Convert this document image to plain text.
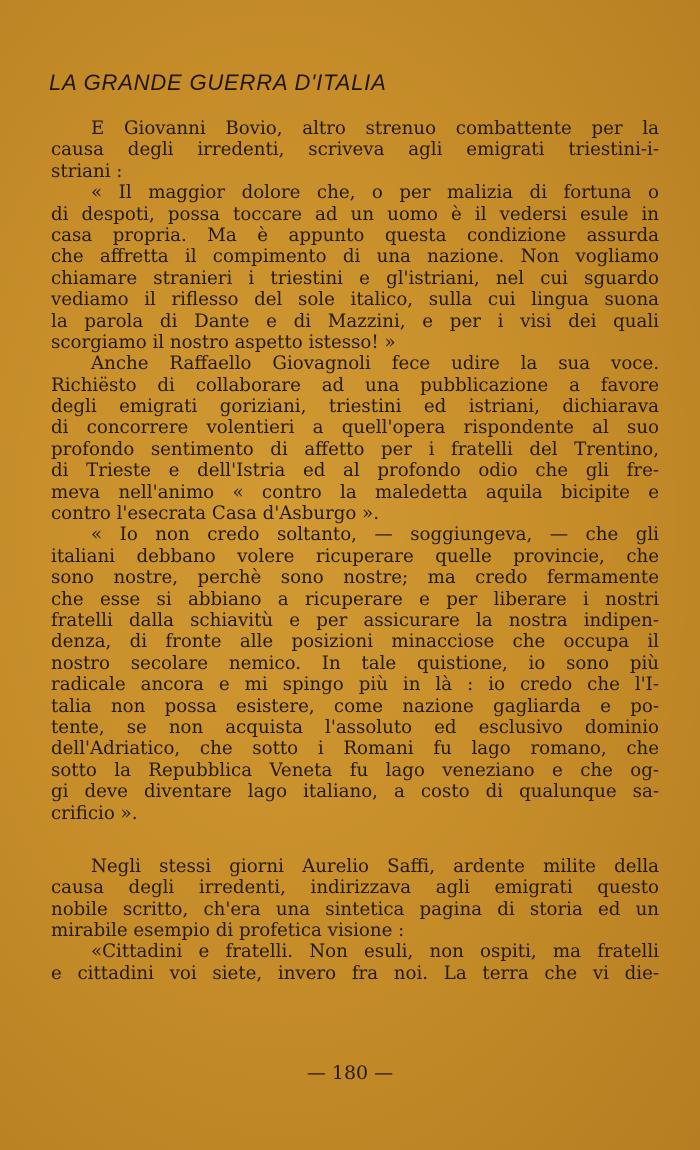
LA GRANDE GUERRA D'ITALIA
E Giovanni Bovio, altro strenuo combattente per la
causa degli irredenti, scriveva agli emigrati triestini-i-
striani :
« Il maggior dolore che, o per malizia di fortuna o
di despoti, possa toccare ad un uomo è il vedersi esule in
casa propria. Ma è appunto questa condizione assurda
che affretta il compimento di una nazione. Non vogliamo
chiamare stranieri i triestini e gl'istriani, nel cui sguardo
vediamo il riflesso del sole italico, sulla cui lingua suona
la parola di Dante e di Mazzini, e per i visi dei quali
scorgiamo il nostro aspetto istesso! »
Anche Raffaello Giovagnoli fece udire la sua voce.
Richiësto di collaborare ad una pubblicazione a favore
degli emigrati goriziani, triestini ed istriani, dichiarava
di concorrere volentieri a quell'opera rispondente al suo
profondo sentimento di affetto per i fratelli del Trentino,
di Trieste e dell'Istria ed al profondo odio che gli fre-
meva nell'animo « contro la maledetta aquila bicipite e
contro l'esecrata Casa d'Asburgo ».
« Io non credo soltanto, — soggiungeva, — che gli
italiani debbano volere ricuperare quelle provincie, che
sono nostre, perchè sono nostre; ma credo fermamente
che esse si abbiano a ricuperare e per liberare i nostri
fratelli dalla schiavitù e per assicurare la nostra indipen-
denza, di fronte alle posizioni minacciose che occupa il
nostro secolare nemico. In tale quistione, io sono più
radicale ancora e mi spingo più in là : io credo che l'I-
talia non possa esistere, come nazione gagliarda e po-
tente, se non acquista l'assoluto ed esclusivo dominio
dell'Adriatico, che sotto i Romani fu lago romano, che
sotto la Repubblica Veneta fu lago veneziano e che og-
gi deve diventare lago italiano, a costo di qualunque sa-
crificio ».
Negli stessi giorni Aurelio Saffi, ardente milite della
causa degli irredenti, indirizzava agli emigrati questo
nobile scritto, ch'era una sintetica pagina di storia ed un
mirabile esempio di profetica visione :
«Cittadini e fratelli. Non esuli, non ospiti, ma fratelli
e cittadini voi siete, invero fra noi. La terra che vi die-
— 180 —
